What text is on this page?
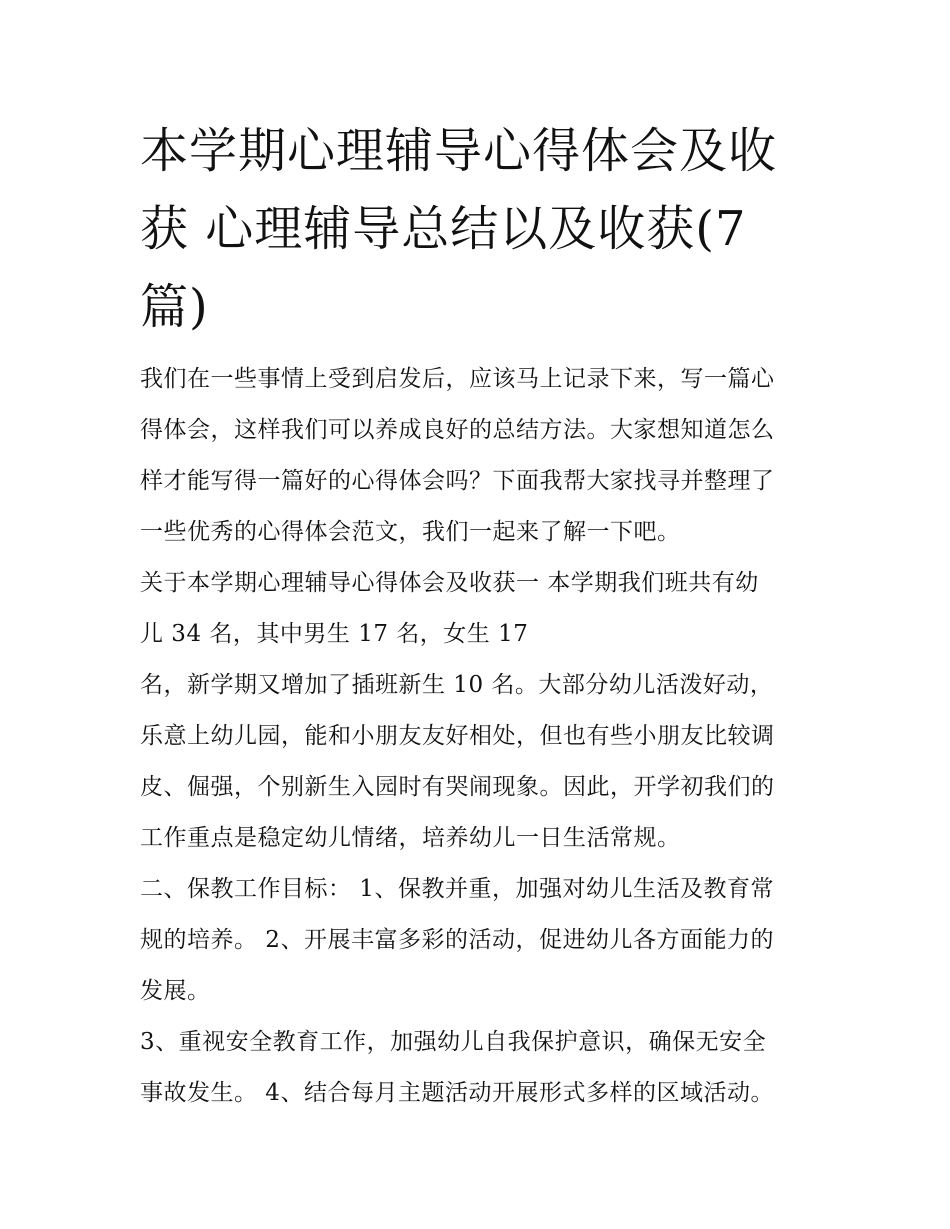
本学期心理辅导心得体会及收
获 心理辅导总结以及收获(7
篇)

我们在一些事情上受到启发后，应该马上记录下来，写一篇心
得体会，这样我们可以养成良好的总结方法。大家想知道怎么
样才能写得一篇好的心得体会吗？下面我帮大家找寻并整理了
一些优秀的心得体会范文，我们一起来了解一下吧。

关于本学期心理辅导心得体会及收获一 本学期我们班共有幼
儿 34 名，其中男生 17 名，女生 17
名，新学期又增加了插班新生 10 名。大部分幼儿活泼好动，
乐意上幼儿园，能和小朋友友好相处，但也有些小朋友比较调
皮、倔强，个别新生入园时有哭闹现象。因此，开学初我们的
工作重点是稳定幼儿情绪，培养幼儿一日生活常规。

二、保教工作目标： 1、保教并重，加强对幼儿生活及教育常
规的培养。 2、开展丰富多彩的活动，促进幼儿各方面能力的
发展。

3、重视安全教育工作，加强幼儿自我保护意识，确保无安全
事故发生。 4、结合每月主题活动开展形式多样的区域活动。
